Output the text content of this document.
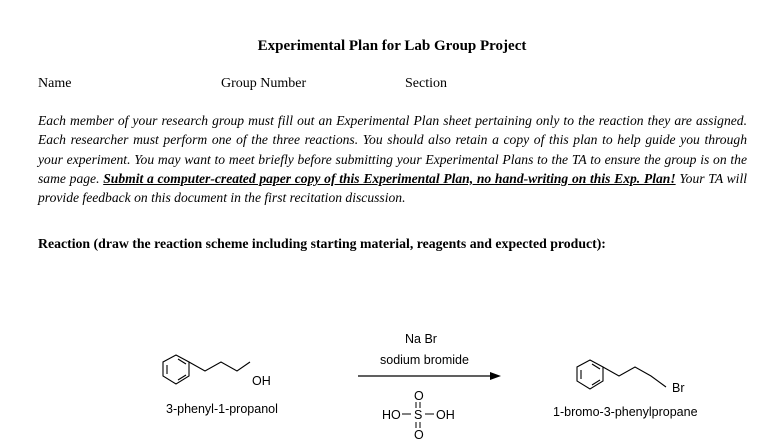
Experimental Plan for Lab Group Project
Name	Group Number	Section
Each member of your research group must fill out an Experimental Plan sheet pertaining only to the reaction they are assigned. Each researcher must perform one of the three reactions. You should also retain a copy of this plan to help guide you through your experiment. You may want to meet briefly before submitting your Experimental Plans to the TA to ensure the group is on the same page. Submit a computer-created paper copy of this Experimental Plan, no hand-writing on this Exp. Plan! Your TA will provide feedback on this document in the first recitation discussion.
Reaction (draw the reaction scheme including starting material, reagents and expected product):
OH
3-phenyl-1-propanol
Na Br
sodium bromide
O
HO S OH
O
Br
1-bromo-3-phenylpropane
